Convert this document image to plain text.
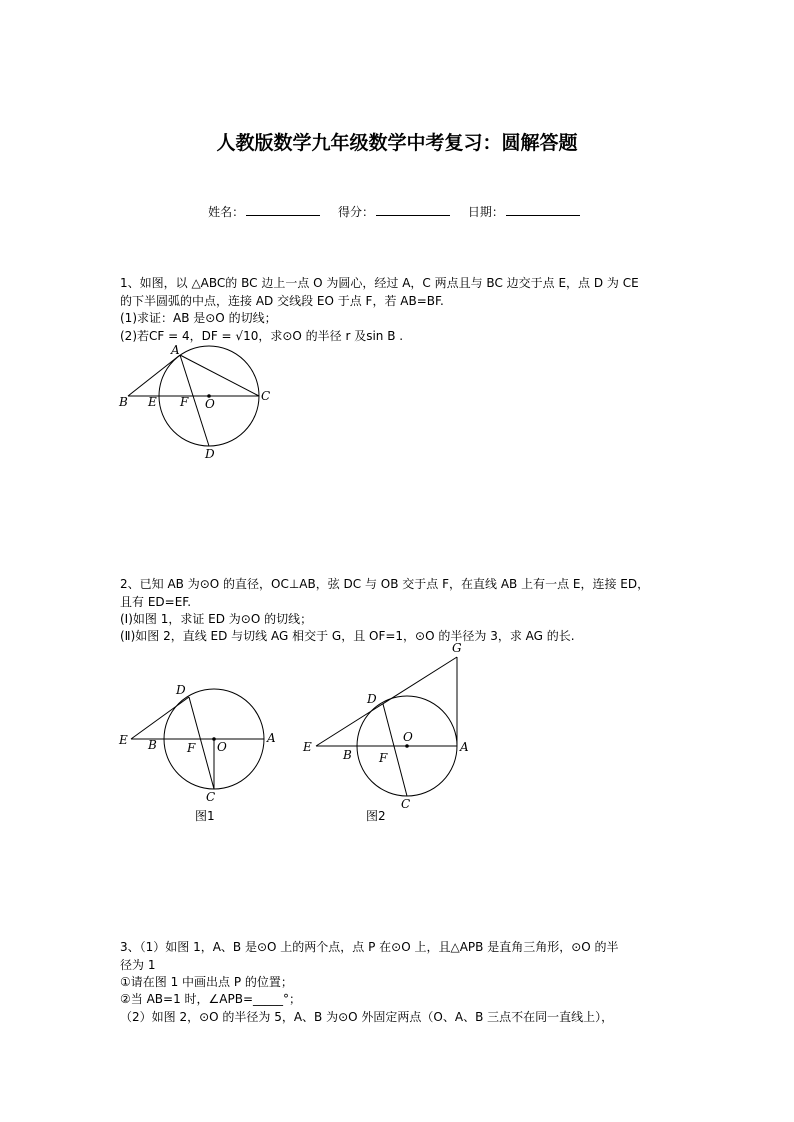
人教版数学九年级数学中考复习：圆解答题
姓名：	得分：	日期：
1、如图，以 △ABC的 BC 边上一点 O 为圆心，经过 A，C 两点且与 BC 边交于点 E，点 D 为 CE
的下半圆弧的中点，连接 AD 交线段 EO 于点 F，若 AB=BF.
(1)求证：AB 是⊙O 的切线；
(2)若CF = 4，DF = √10，求⊙O 的半径 r 及sin B .
A
B E F O
C
D
2、已知 AB 为⊙O 的直径，OC⊥AB，弦 DC 与 OB 交于点 F，在直线 AB 上有一点 E，连接 ED，
且有 ED=EF.
(Ⅰ)如图 1，求证 ED 为⊙O 的切线；
(Ⅱ)如图 2，直线 ED 与切线 AG 相交于 G，且 OF=1，⊙O 的半径为 3，求 AG 的长.
D
E B	F O
A
C
G
D
O
E
B F
A
C
图1	图2
3、（1）如图 1，A、B 是⊙O 上的两个点，点 P 在⊙O 上，且△APB 是直角三角形，⊙O 的半
径为 1
①请在图 1 中画出点 P 的位置；
②当 AB=1 时，∠APB=_____°；
（2）如图 2，⊙O 的半径为 5，A、B 为⊙O 外固定两点（O、A、B 三点不在同一直线上），
